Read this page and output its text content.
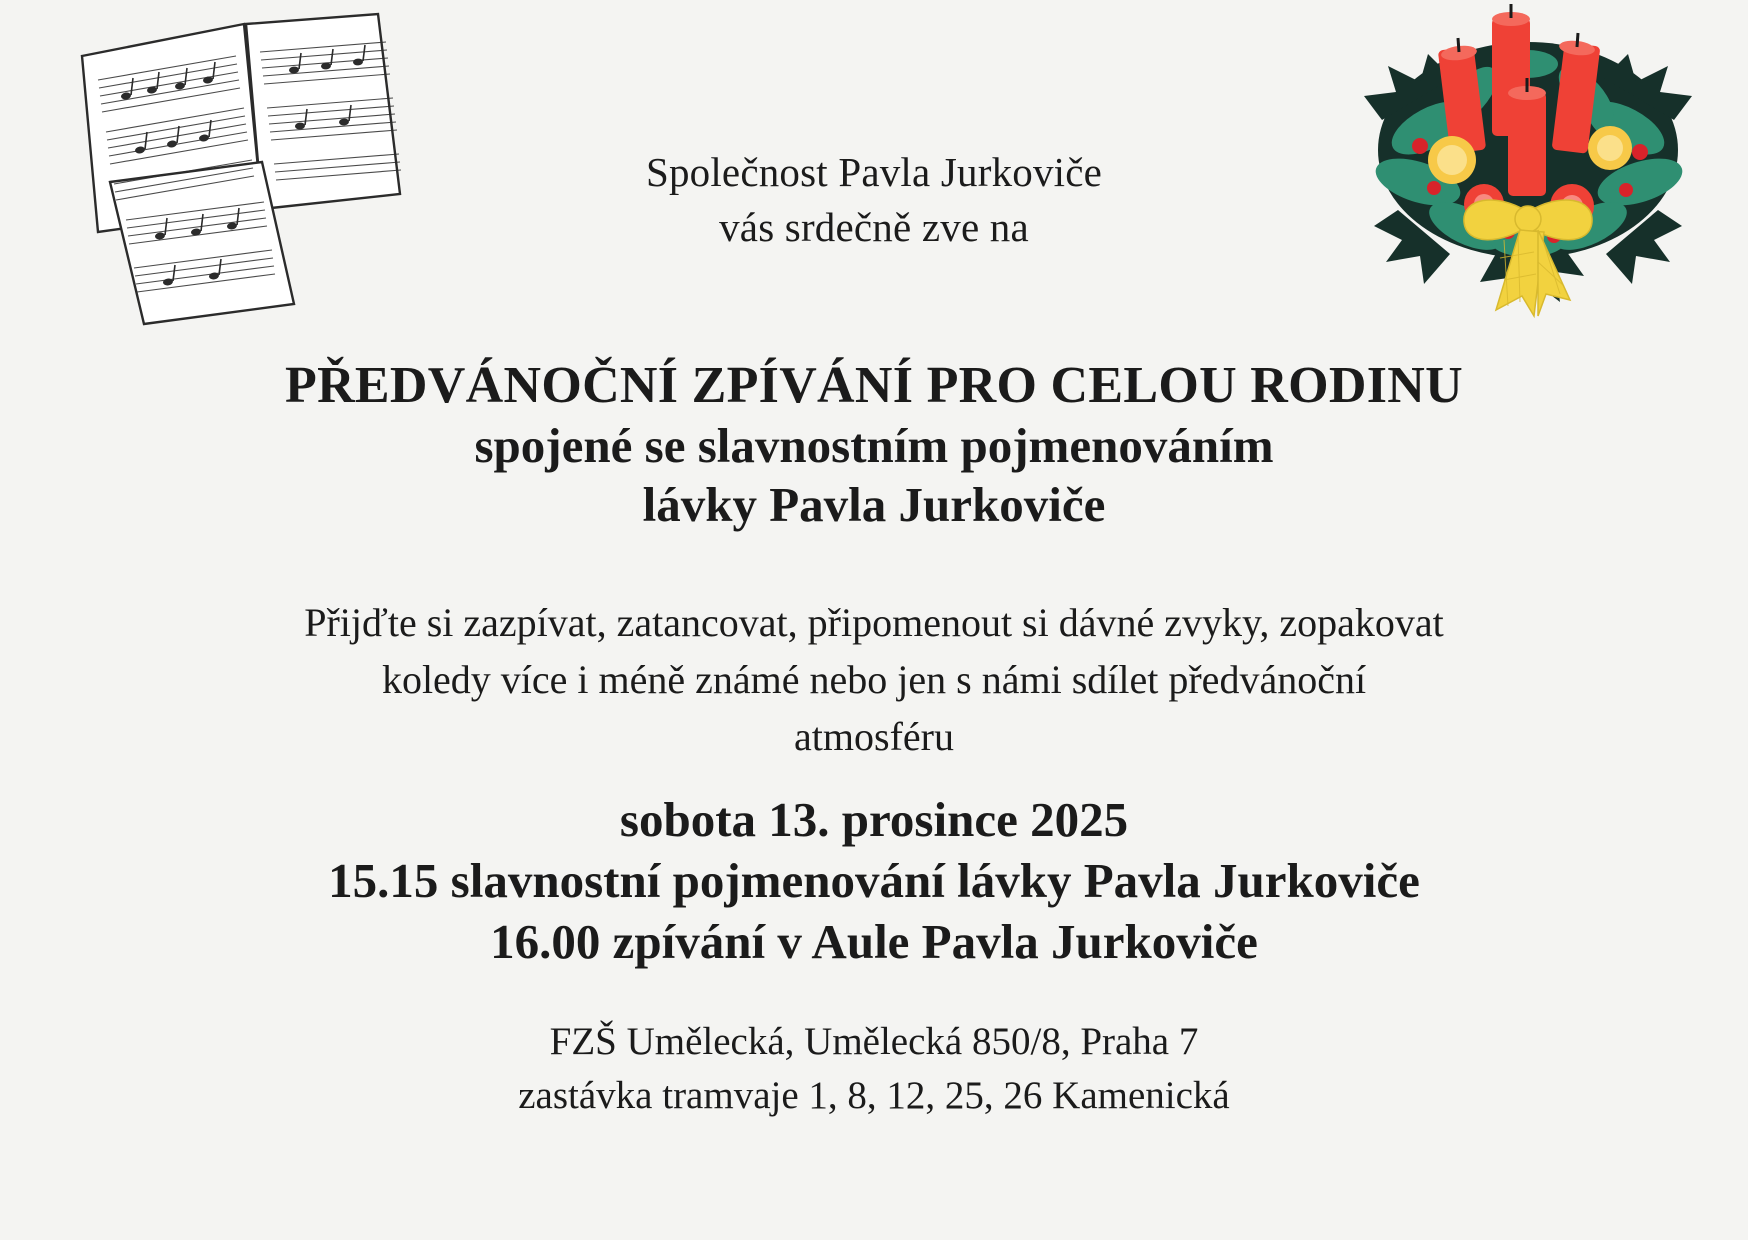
Společnost Pavla Jurkoviče
vás srdečně zve na
PŘEDVÁNOČNÍ ZPÍVÁNÍ PRO CELOU RODINU
spojené se slavnostním pojmenováním
lávky Pavla Jurkoviče
Přijďte si zazpívat, zatancovat, připomenout si dávné zvyky, zopakovat
koledy více i méně známé nebo jen s námi sdílet předvánoční
atmosféru
sobota 13. prosince 2025
15.15 slavnostní pojmenování lávky Pavla Jurkoviče
16.00 zpívání v Aule Pavla Jurkoviče
FZŠ Umělecká, Umělecká 850/8, Praha 7
zastávka tramvaje 1, 8, 12, 25, 26 Kamenická
